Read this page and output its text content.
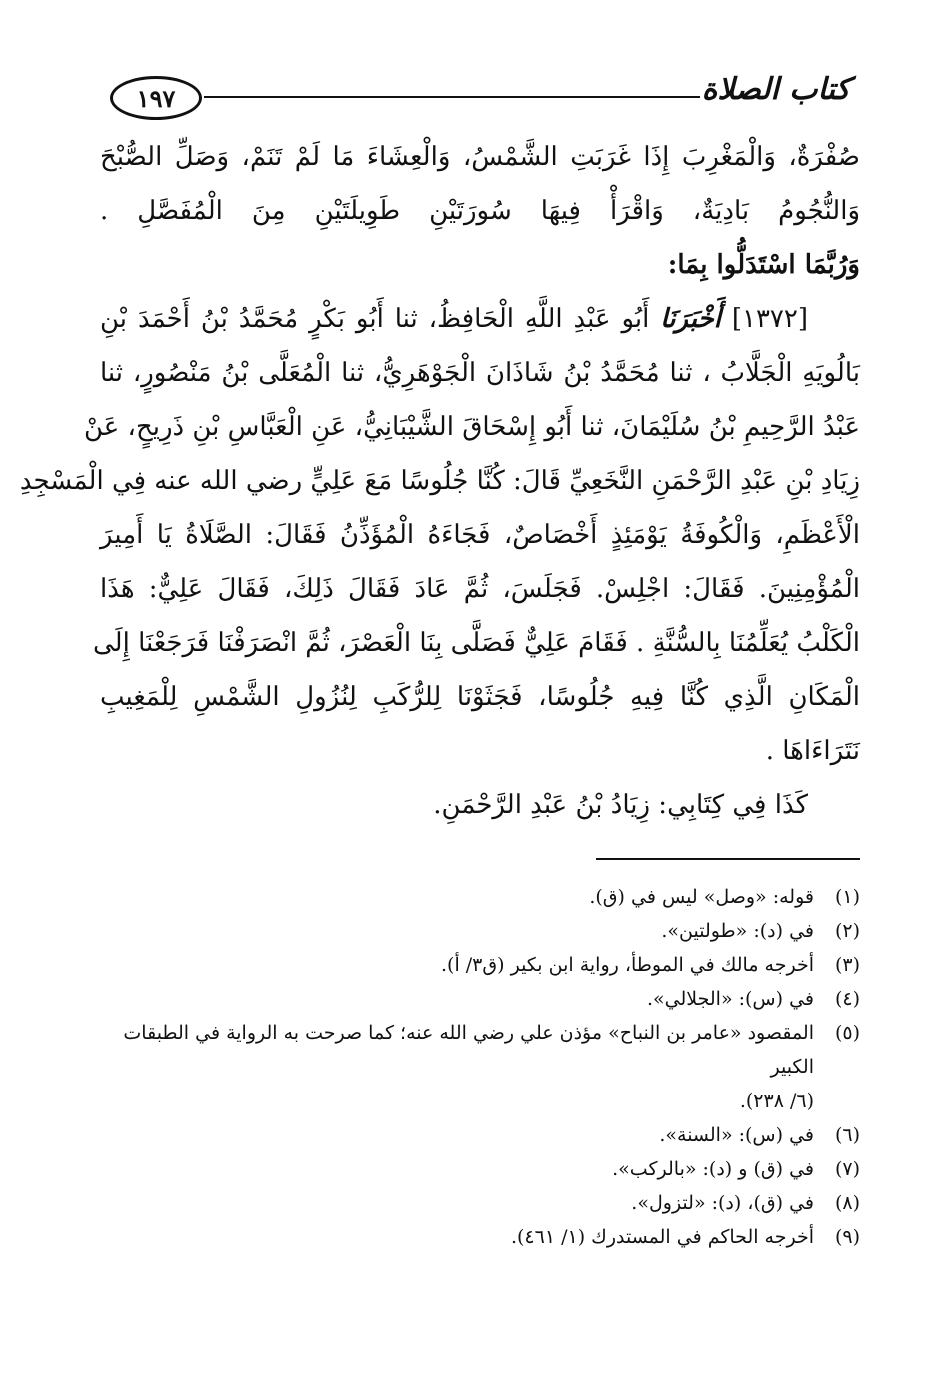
١٩٧	كتاب الصلاة
صُفْرَةٌ، وَالْمَغْرِبَ إِذَا غَرَبَتِ الشَّمْسُ، وَالْعِشَاءَ مَا لَمْ تَنَمْ، وَصَلِّ الصُّبْحَ
وَالنُّجُومُ بَادِيَةٌ، وَاقْرَأْ فِيهَا سُورَتَيْنِ طَوِيلَتَيْنِ مِنَ الْمُفَصَّلِ .
وَرُبَّمَا اسْتَدَلُّوا بِمَا:
[١٣٧٢] أَخْبَرَنَا أَبُو عَبْدِ اللَّهِ الْحَافِظُ، ثنا أَبُو بَكْرٍ مُحَمَّدُ بْنُ أَحْمَدَ بْنِ
بَالُويَهِ الْجَلَّابُ ، ثنا مُحَمَّدُ بْنُ شَاذَانَ الْجَوْهَرِيُّ، ثنا الْمُعَلَّى بْنُ مَنْصُورٍ، ثنا
عَبْدُ الرَّحِيمِ بْنُ سُلَيْمَانَ، ثنا أَبُو إِسْحَاقَ الشَّيْبَانِيُّ، عَنِ الْعَبَّاسِ بْنِ ذَرِيحٍ، عَنْ
زِيَادِ بْنِ عَبْدِ الرَّحْمَنِ النَّخَعِيِّ قَالَ: كُنَّا جُلُوسًا مَعَ عَلِيٍّ رضي الله عنه فِي الْمَسْجِدِ
الْأَعْظَمِ، وَالْكُوفَةُ يَوْمَئِذٍ أَخْصَاصٌ، فَجَاءَهُ الْمُؤَذِّنُ فَقَالَ: الصَّلَاةُ يَا أَمِيرَ
الْمُؤْمِنِينَ. فَقَالَ: اجْلِسْ. فَجَلَسَ، ثُمَّ عَادَ فَقَالَ ذَلِكَ، فَقَالَ عَلِيٌّ: هَذَا
الْكَلْبُ يُعَلِّمُنَا بِالسُّنَّةِ . فَقَامَ عَلِيٌّ فَصَلَّى بِنَا الْعَصْرَ، ثُمَّ انْصَرَفْنَا فَرَجَعْنَا إِلَى
الْمَكَانِ الَّذِي كُنَّا فِيهِ جُلُوسًا، فَجَثَوْنَا لِلرُّكَبِ لِنُزُولِ الشَّمْسِ لِلْمَغِيبِ
نَتَرَاءَاهَا .
كَذَا فِي كِتَابِي: زِيَادُ بْنُ عَبْدِ الرَّحْمَنِ.
(١)
قوله: «وصل» ليس في (ق).
(٢)
في (د): «طولتين».
(٣)
أخرجه مالك في الموطأ، رواية ابن بكير (ق٣/ أ).
(٤)
في (س): «الجلالي».
(٥)
المقصود «عامر بن النباح» مؤذن علي رضي الله عنه؛ كما صرحت به الرواية في الطبقات الكبير
(٦/ ٢٣٨).
(٦)
في (س): «السنة».
(٧)
في (ق) و (د): «بالركب».
(٨)
في (ق)، (د): «لتزول».
(٩)
أخرجه الحاكم في المستدرك (١/ ٤٦١).
